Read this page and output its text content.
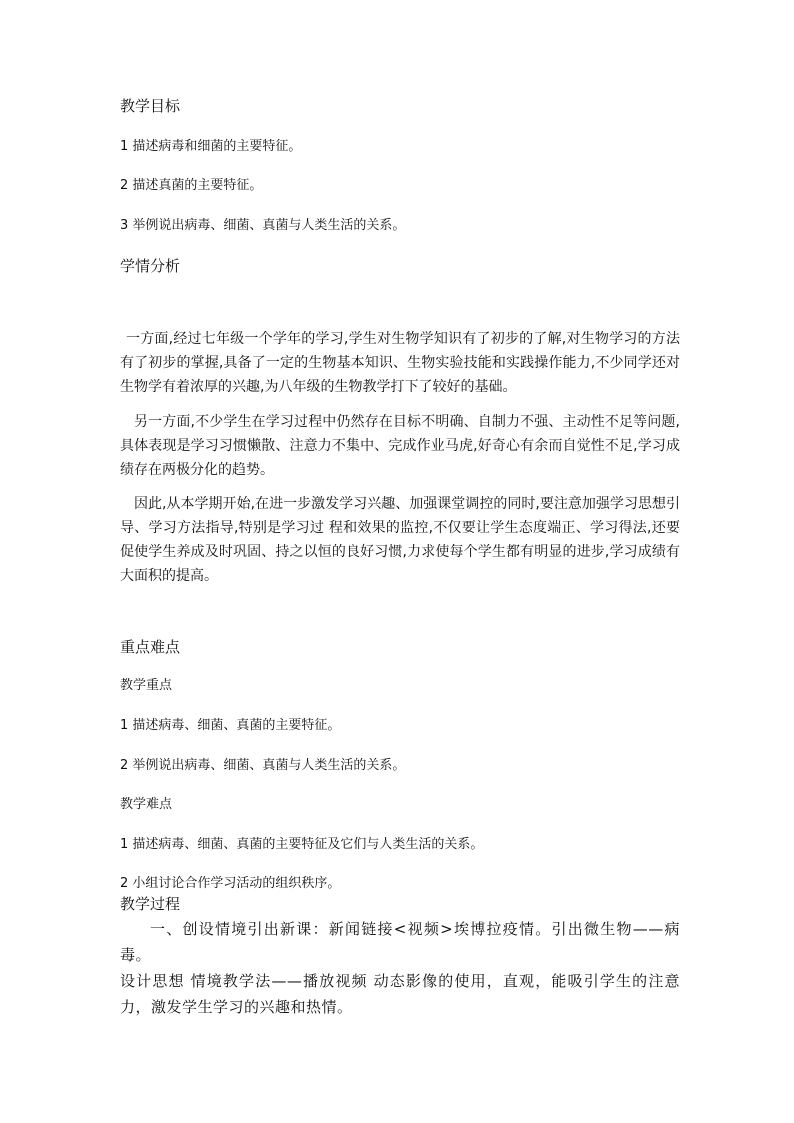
教学目标
1 描述病毒和细菌的主要特征。
2 描述真菌的主要特征。
3 举例说出病毒、细菌、真菌与人类生活的关系。
学情分析
一方面,经过七年级一个学年的学习,学生对生物学知识有了初步的了解,对生物学习的方法有了初步的掌握,具备了一定的生物基本知识、生物实验技能和实践操作能力,不少同学还对生物学有着浓厚的兴趣,为八年级的生物教学打下了较好的基础。
另一方面,不少学生在学习过程中仍然存在目标不明确、自制力不强、主动性不足等问题,具体表现是学习习惯懒散、注意力不集中、完成作业马虎,好奇心有余而自觉性不足,学习成绩存在两极分化的趋势。
因此,从本学期开始,在进一步激发学习兴趣、加强课堂调控的同时,要注意加强学习思想引导、学习方法指导,特别是学习过 程和效果的监控,不仅要让学生态度端正、学习得法,还要促使学生养成及时巩固、持之以恒的良好习惯,力求使每个学生都有明显的进步,学习成绩有大面积的提高。
重点难点
教学重点
1 描述病毒、细菌、真菌的主要特征。
2 举例说出病毒、细菌、真菌与人类生活的关系。
教学难点
1 描述病毒、细菌、真菌的主要特征及它们与人类生活的关系。
2 小组讨论合作学习活动的组织秩序。
教学过程
一、创设情境引出新课：新闻链接<视频>埃博拉疫情。引出微生物——病毒。
设计思想 情境教学法——播放视频 动态影像的使用，直观，能吸引学生的注意力，激发学生学习的兴趣和热情。
